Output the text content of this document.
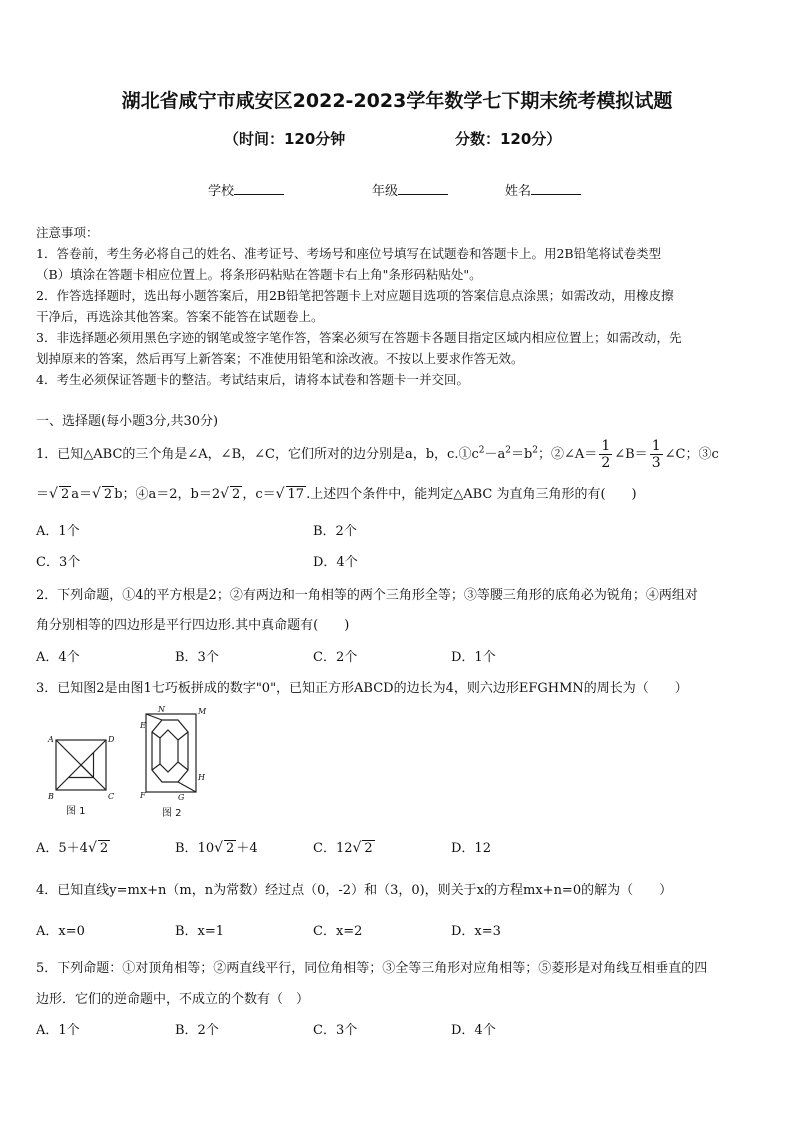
湖北省咸宁市咸安区2022-2023学年数学七下期末统考模拟试题
（时间：120分钟	分数：120分）
学校	年级	姓名
注意事项：
1．答卷前，考生务必将自己的姓名、准考证号、考场号和座位号填写在试题卷和答题卡上。用2B铅笔将试卷类型
（B）填涂在答题卡相应位置上。将条形码粘贴在答题卡右上角"条形码粘贴处"。
2．作答选择题时，选出每小题答案后，用2B铅笔把答题卡上对应题目选项的答案信息点涂黑；如需改动，用橡皮擦
干净后，再选涂其他答案。答案不能答在试题卷上。
3．非选择题必须用黑色字迹的钢笔或签字笔作答，答案必须写在答题卡各题目指定区域内相应位置上；如需改动，先
划掉原来的答案，然后再写上新答案；不准使用铅笔和涂改液。不按以上要求作答无效。
4．考生必须保证答题卡的整洁。考试结束后，请将本试卷和答题卡一并交回。
一、选择题(每小题3分,共30分)
1．已知△ABC的三个角是∠A，∠B，∠C，它们所对的边分别是a，b，$c.①c^2-a^2=b^2$；②∠A＝ $\frac{1}{2}$ ∠B＝ $\frac{1}{3}$ ∠C；③c
＝√ 2 a＝√ 2 b；④a＝2，b＝2√ 2 ，c＝√ 17 .上述四个条件中，能判定△ABC 为直角三角形的有(　　)
A．1个	B．2个
C．3个	D．4个
2．下列命题，①4的平方根是2；②有两边和一角相等的两个三角形全等；③等腰三角形的底角必为锐角；④两组对
角分别相等的四边形是平行四边形.其中真命题有(　　)
A．4个	B．3个	C．2个	D．1个
3．已知图2是由图1七巧板拼成的数字"0"，已知正方形ABCD的边长为4，则六边形EFGHMN的周长为（　　）
A	D
B	C
图 1
N	M
E
H
F	G
图 2
A．5＋4√ 2	B．10√ 2 ＋4	C．12√ 2	D．12
4．已知直线y=mx+n（m，n为常数）经过点（0，-2）和（3，0)，则关于x的方程mx+n=0的解为（　　）
A．x=0	B．x=1	C．x=2	D．x=3
5．下列命题：①对顶角相等；②两直线平行，同位角相等；③全等三角形对应角相等；⑤菱形是对角线互相垂直的四
边形．它们的逆命题中，不成立的个数有（　）
A．1个	B．2个	C．3个	D．4个
